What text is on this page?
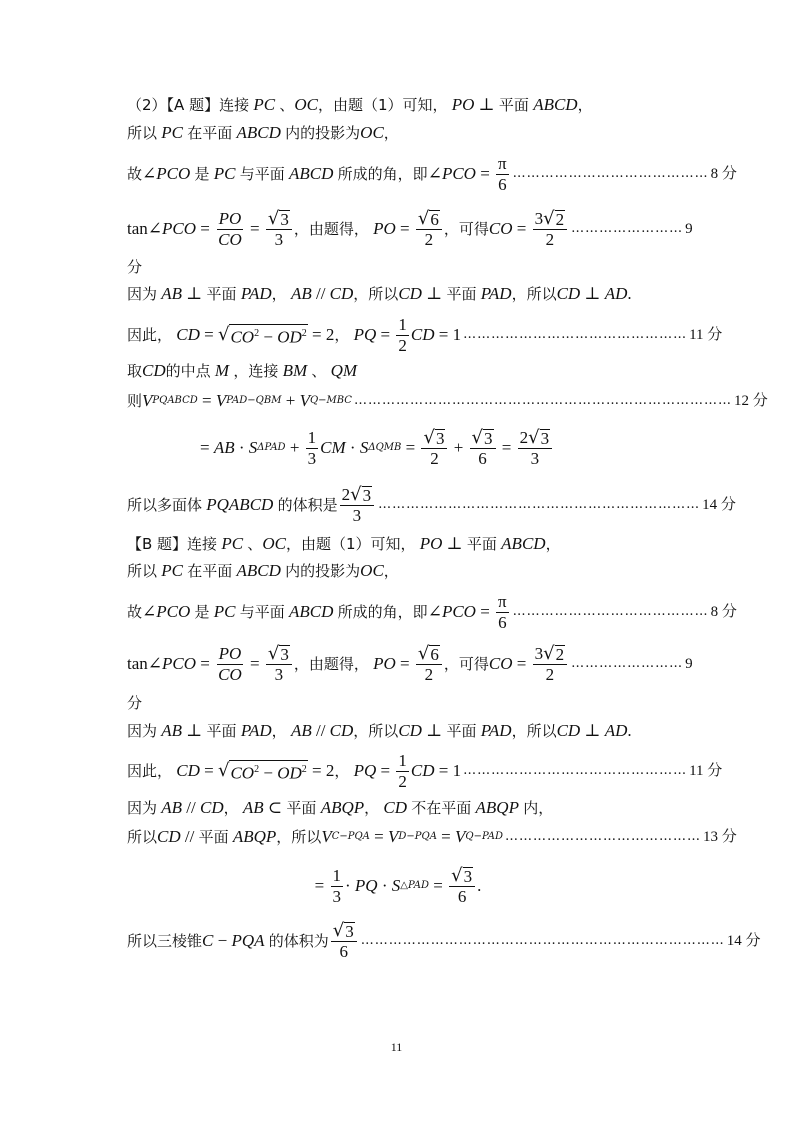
（2）【A 题】连接 PC 、 OC ，由题（1）可知， PO ⊥ 平面 ABCD ，
所以 PC 在平面 ABCD 内的投影为 OC ，
故 ∠ PCO 是 PC 与平面 ABCD 所成的角，即 ∠ PCO = $\frac{\pi}{6}$ …………………………………… 8 分
tan ∠ PCO = $\frac{PO}{CO} = \frac{√ 3}{3}$ ，由题得， PO = $\frac{√ 6}{2}$ ，可得 CO = $\frac{3 √ 2}{2}$ …………………… 9
分
因为 AB ⊥ 平面 PAD ， AB // CD ，所以 CD ⊥ 平面 PAD ，所以 CD ⊥ AD .
因此， CD = √ $CO^2 - OD^2 = 2$ ， PQ = $\frac{1}{2}$ CD = 1 ………………………………………… 11 分
取 CD 的中点 M ，连接 BM 、 QM
则 V PQABCD = V PAD−QBM + V Q−MBC ……………………………………………………………………… 12 分
= AB · S $\Delta PAD + \frac{1}{3}$ CM · S $\Delta QMB = \frac{√ 3}{2} + \frac{√ 3}{6} = \frac{2 √ 3}{3}$
所以多面体 PQABCD 的体积是 $\frac{2 √ 3}{3}$ …………………………………………………………… 14 分
【B 题】连接 PC 、 OC ，由题（1）可知， PO ⊥ 平面 ABCD ，
所以 PC 在平面 ABCD 内的投影为 OC ，
故 ∠ PCO 是 PC 与平面 ABCD 所成的角，即 ∠ PCO = $\frac{\pi}{6}$ …………………………………… 8 分
tan ∠ PCO = $\frac{PO}{CO} = \frac{√ 3}{3}$ ，由题得， PO = $\frac{√ 6}{2}$ ，可得 CO = $\frac{3 √ 2}{2}$ …………………… 9
分
因为 AB ⊥ 平面 PAD ， AB // CD ，所以 CD ⊥ 平面 PAD ，所以 CD ⊥ AD .
因此， CD = √ $CO^2 - OD^2 = 2$ ， PQ = $\frac{1}{2}$ CD = 1 ………………………………………… 11 分
因为 AB // CD ， AB ⊂ 平面 ABQP ， CD 不在平面 ABQP 内，
所以 CD // 平面 ABQP ，所以 V C−PQA = V D−PQA = V Q−PAD …………………………………… 13 分
= $\frac{1}{3}$ · PQ · S △PAD = $\frac{√ 3}{6}$ .
所以三棱锥 C − PQA 的体积为 $\frac{√ 3}{6}$ …………………………………………………………………… 14 分
11
